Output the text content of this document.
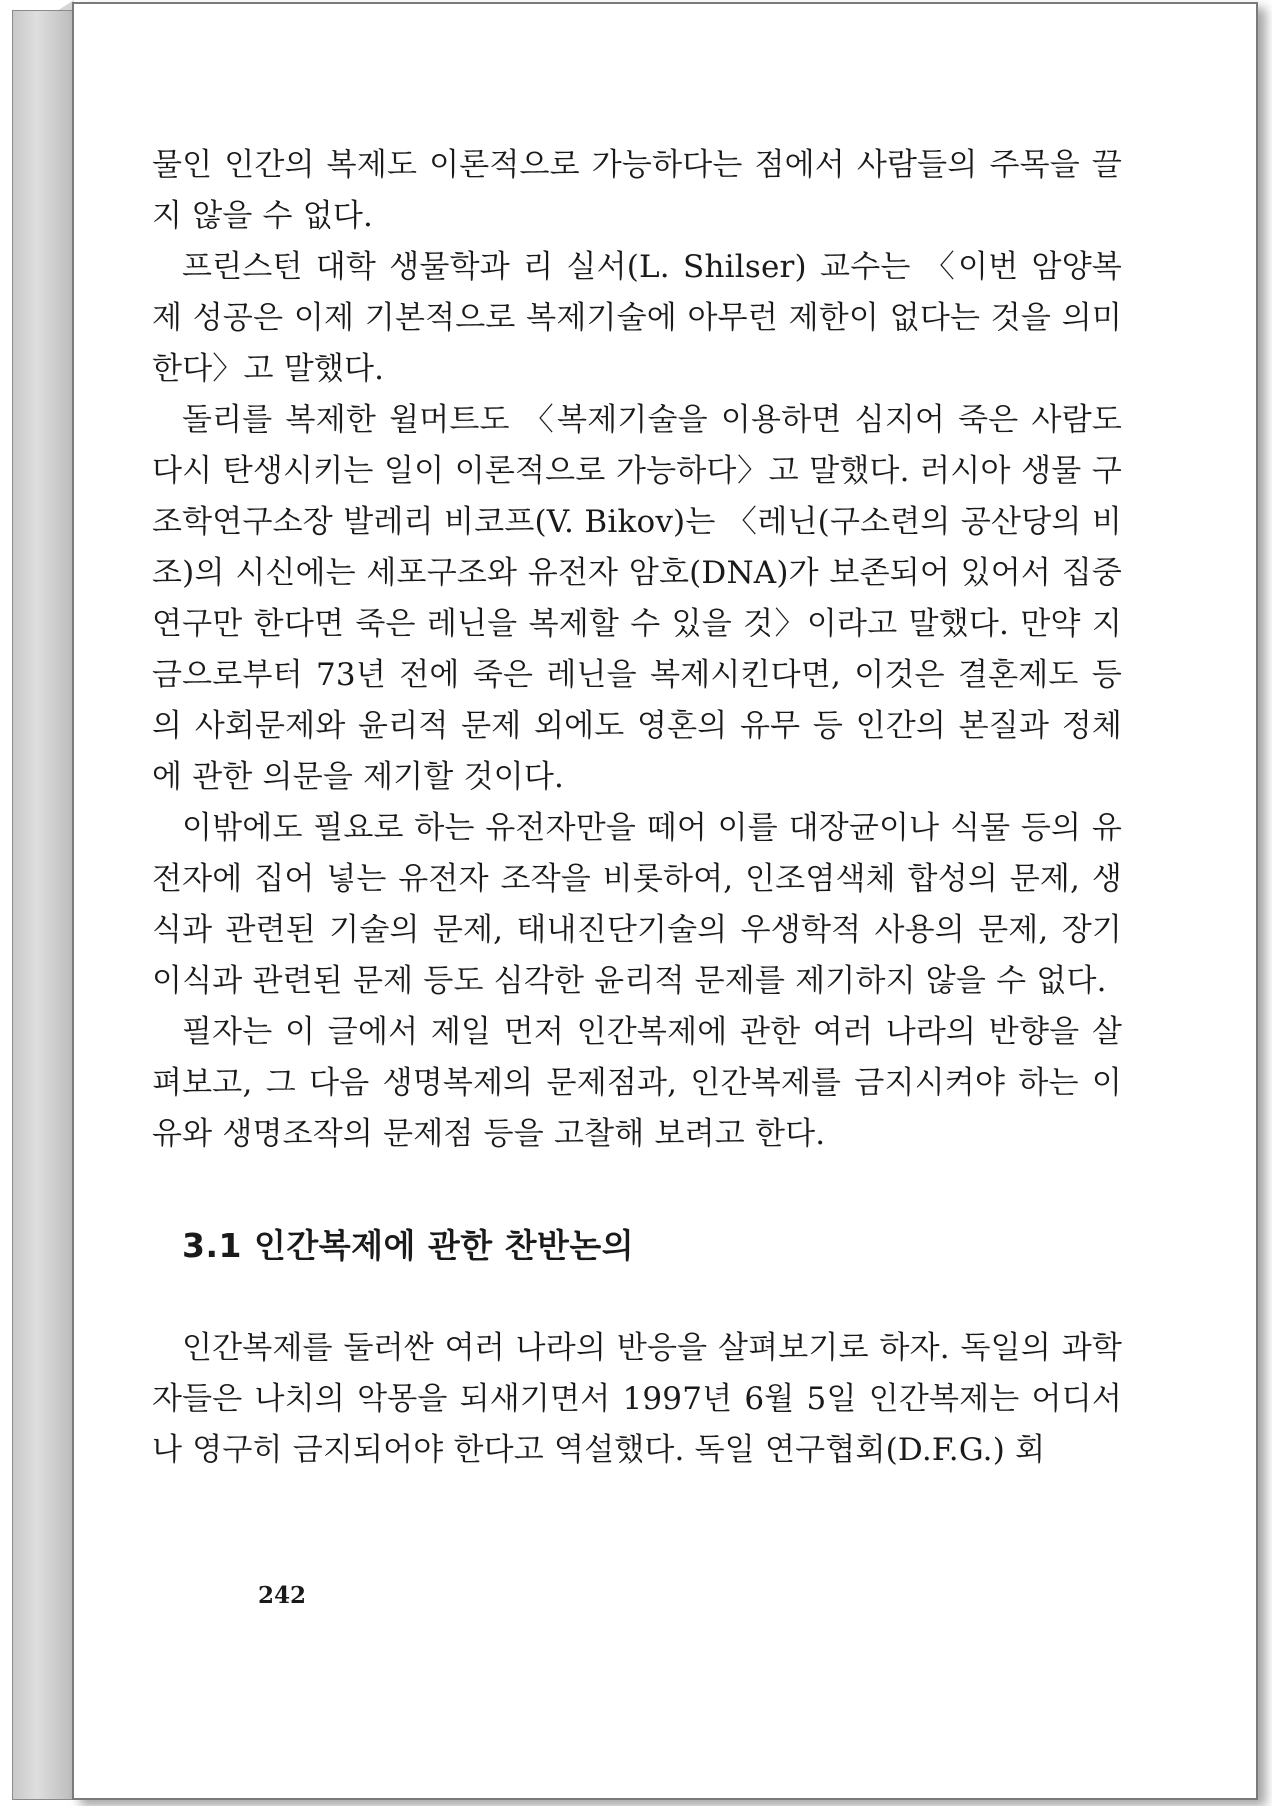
물인 인간의 복제도 이론적으로 가능하다는 점에서 사람들의 주목을 끌지 않을 수 없다.

프린스턴 대학 생물학과 리 실서(L. Shilser) 교수는 〈이번 암양복제 성공은 이제 기본적으로 복제기술에 아무런 제한이 없다는 것을 의미 한다〉고 말했다.

돌리를 복제한 윌머트도 〈복제기술을 이용하면 심지어 죽은 사람도 다시 탄생시키는 일이 이론적으로 가능하다〉고 말했다. 러시아 생물 구조학연구소장 발레리 비코프(V. Bikov)는 〈레닌(구소련의 공산당의 비조)의 시신에는 세포구조와 유전자 암호(DNA)가 보존되어 있어서 집중 연구만 한다면 죽은 레닌을 복제할 수 있을 것〉이라고 말했다. 만약 지금으로부터 73년 전에 죽은 레닌을 복제시킨다면, 이것은 결혼제도 등의 사회문제와 윤리적 문제 외에도 영혼의 유무 등 인간의 본질과 정체에 관한 의문을 제기할 것이다.

이밖에도 필요로 하는 유전자만을 떼어 이를 대장균이나 식물 등의 유전자에 집어 넣는 유전자 조작을 비롯하여, 인조염색체 합성의 문제, 생식과 관련된 기술의 문제, 태내진단기술의 우생학적 사용의 문제, 장기이식과 관련된 문제 등도 심각한 윤리적 문제를 제기하지 않을 수 없다.

필자는 이 글에서 제일 먼저 인간복제에 관한 여러 나라의 반향을 살펴보고, 그 다음 생명복제의 문제점과, 인간복제를 금지시켜야 하는 이유와 생명조작의 문제점 등을 고찰해 보려고 한다.

3.1 인간복제에 관한 찬반논의

인간복제를 둘러싼 여러 나라의 반응을 살펴보기로 하자. 독일의 과학자들은 나치의 악몽을 되새기면서 1997년 6월 5일 인간복제는 어디서나 영구히 금지되어야 한다고 역설했다. 독일 연구협회(D.F.G.) 회

242
